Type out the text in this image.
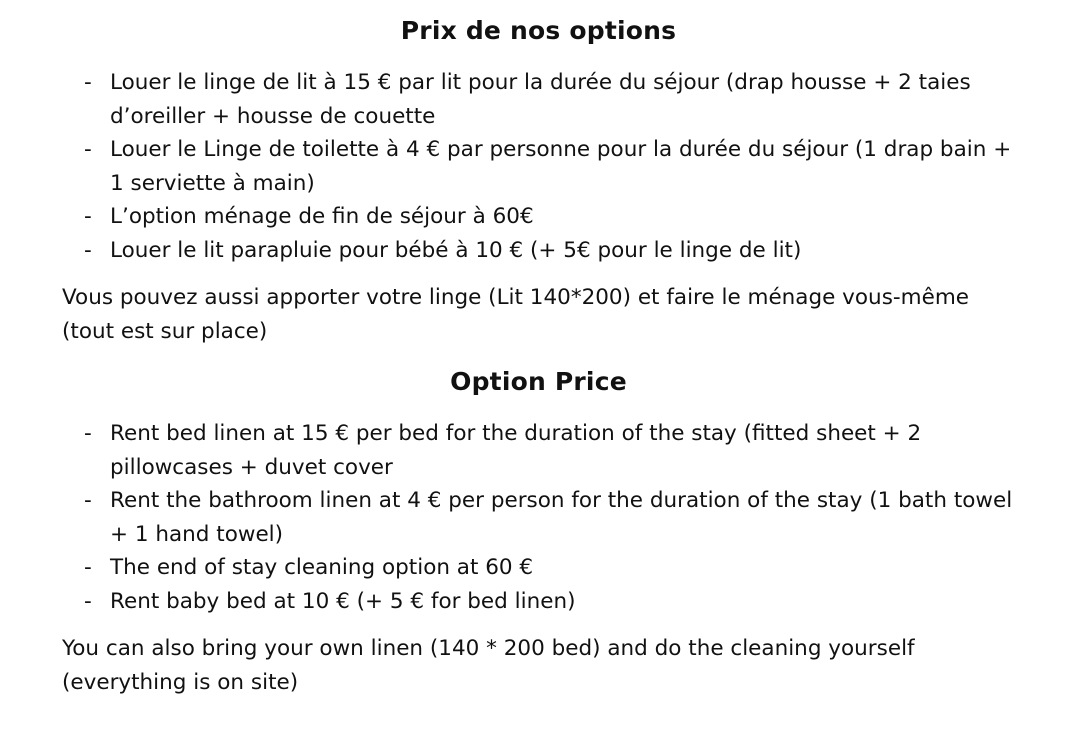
Prix de nos options
- Louer le linge de lit à 15 € par lit pour la durée du séjour (drap housse + 2 taies d’oreiller + housse de couette
- Louer le Linge de toilette à 4 € par personne pour la durée du séjour (1 drap bain + 1 serviette à main)
- L’option ménage de fin de séjour à 60€
- Louer le lit parapluie pour bébé à 10 € (+ 5€ pour le linge de lit)

Vous pouvez aussi apporter votre linge (Lit 140*200) et faire le ménage vous-même (tout est sur place)

Option Price
- Rent bed linen at 15 € per bed for the duration of the stay (fitted sheet + 2 pillowcases + duvet cover
- Rent the bathroom linen at 4 € per person for the duration of the stay (1 bath towel + 1 hand towel)
- The end of stay cleaning option at 60 €
- Rent baby bed at 10 € (+ 5 € for bed linen)

You can also bring your own linen (140 * 200 bed) and do the cleaning yourself (everything is on site)
